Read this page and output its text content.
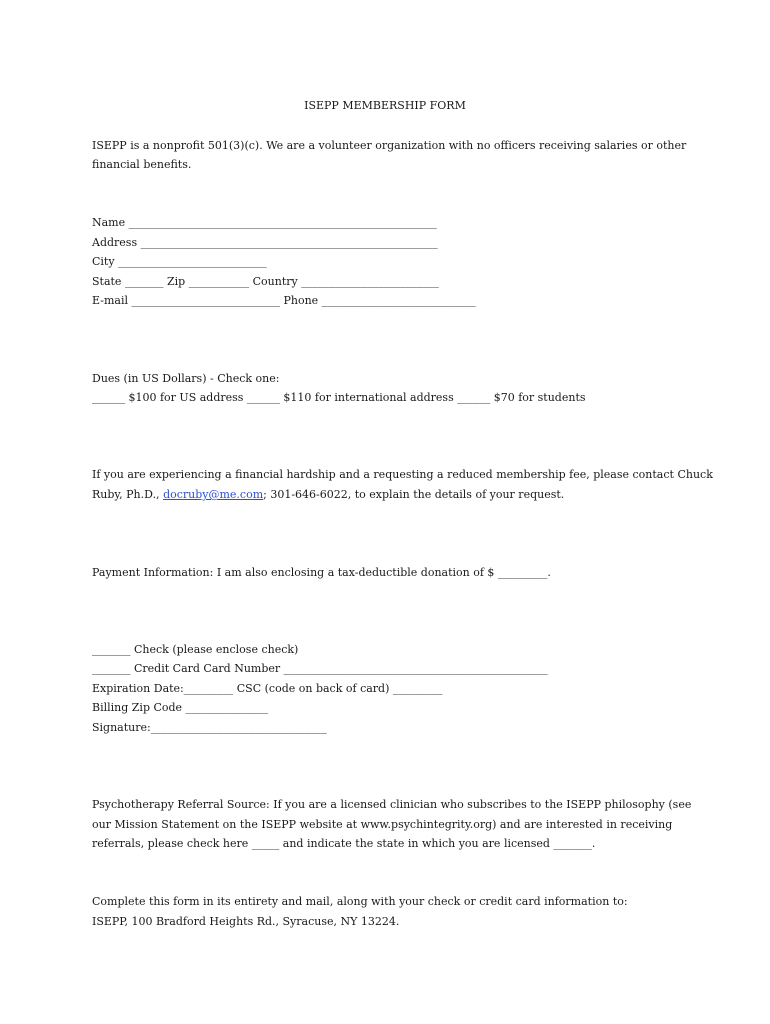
ISEPP MEMBERSHIP FORM
ISEPP is a nonprofit 501(3)(c). We are a volunteer organization with no officers receiving salaries or other
financial benefits.
Name ________________________________________________________
Address ______________________________________________________
City ___________________________
State _______ Zip ___________ Country _________________________
E-mail ___________________________ Phone ____________________________
Dues (in US Dollars) - Check one:
______ $100 for US address ______ $110 for international address ______ $70 for students
If you are experiencing a financial hardship and a requesting a reduced membership fee, please contact Chuck
Ruby, Ph.D., docruby@me.com; 301-646-6022, to explain the details of your request.
Payment Information: I am also enclosing a tax-deductible donation of $ _________.
_______ Check (please enclose check)
_______ Credit Card Card Number ________________________________________________
Expiration Date:_________ CSC (code on back of card) _________
Billing Zip Code _______________
Signature:________________________________
Psychotherapy Referral Source: If you are a licensed clinician who subscribes to the ISEPP philosophy (see
our Mission Statement on the ISEPP website at www.psychintegrity.org) and are interested in receiving
referrals, please check here _____ and indicate the state in which you are licensed _______.
Complete this form in its entirety and mail, along with your check or credit card information to:
ISEPP, 100 Bradford Heights Rd., Syracuse, NY 13224.
